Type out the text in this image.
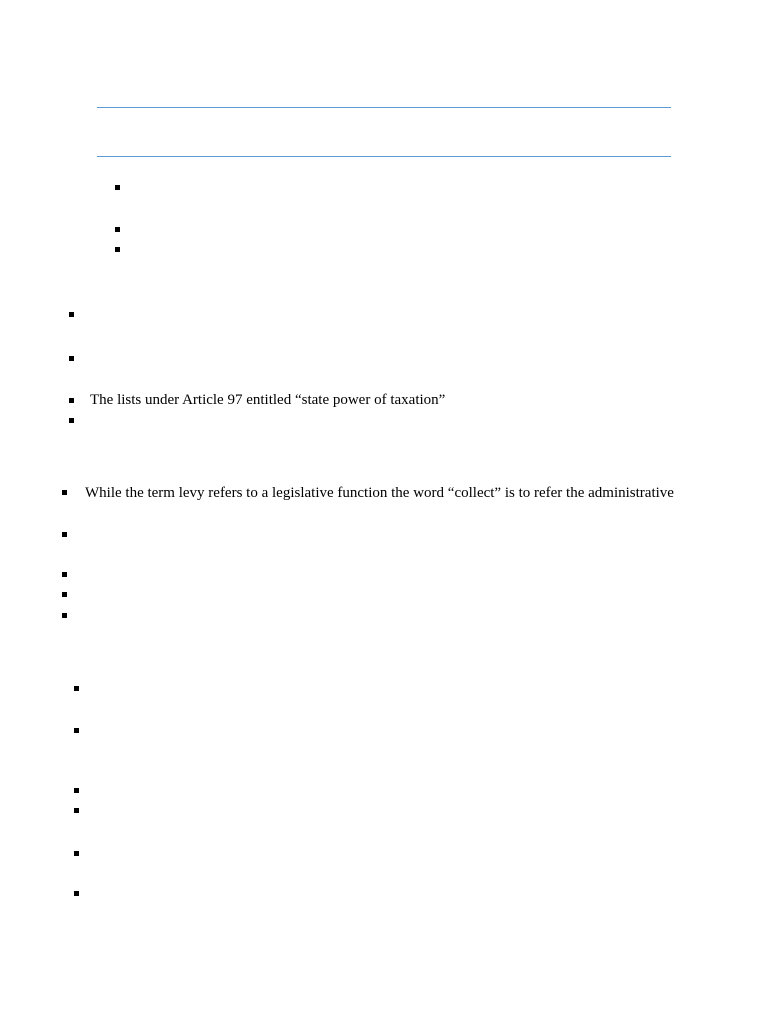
The lists under Article 97 entitled “state power of taxation”
While the term levy refers to a legislative function the word “collect” is to refer the administrative
